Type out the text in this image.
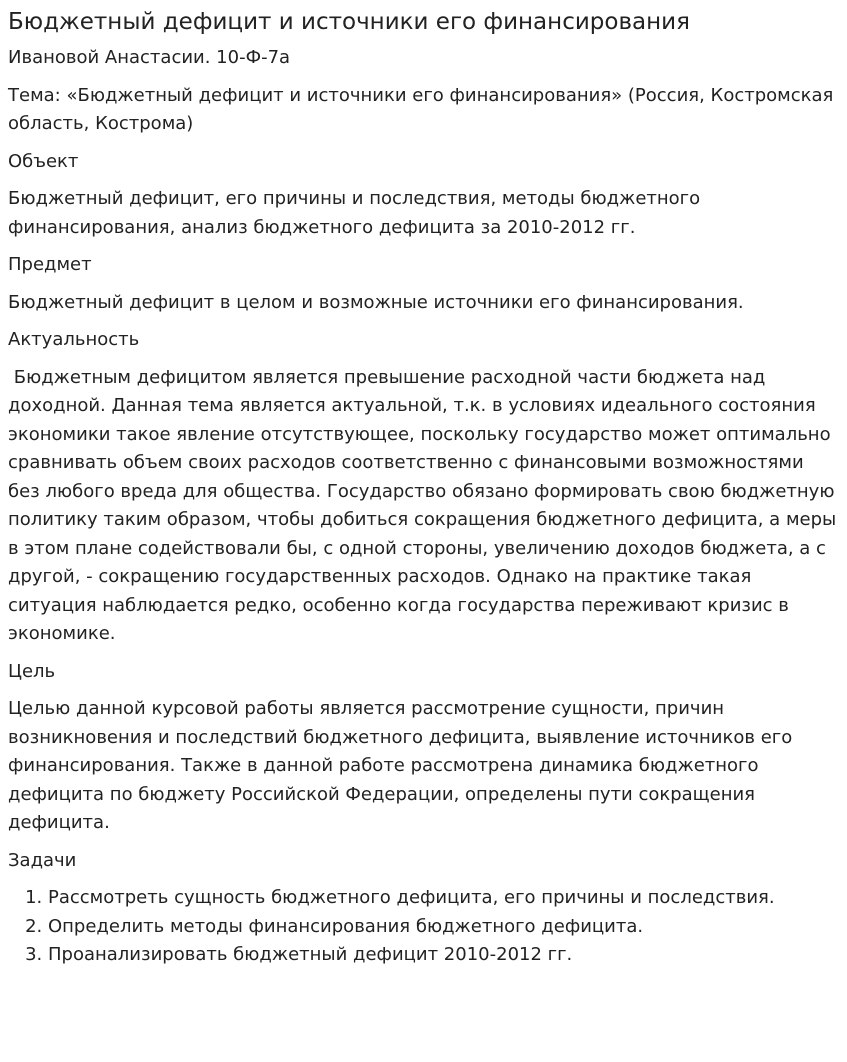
Бюджетный дефицит и источники его финансирования
Ивановой Анастасии. 10-Ф-7а
Тема: «Бюджетный дефицит и источники его финансирования» (Россия, Костромская область, Кострома)
Объект
Бюджетный дефицит, его причины и последствия, методы бюджетного финансирования, анализ бюджетного дефицита за 2010-2012 гг.
Предмет
Бюджетный дефицит в целом и возможные источники его финансирования.
Актуальность
Бюджетным дефицитом является превышение расходной части бюджета над доходной. Данная тема является актуальной, т.к. в условиях идеального состояния экономики такое явление отсутствующее, поскольку государство может оптимально сравнивать объем своих расходов соответственно с финансовыми возможностями без любого вреда для общества. Государство обязано формировать свою бюджетную политику таким образом, чтобы добиться сокращения бюджетного дефицита, а меры в этом плане содействовали бы, с одной стороны, увеличению доходов бюджета, а с другой, - сокращению государственных расходов. Однако на практике такая ситуация наблюдается редко, особенно когда государства переживают кризис в экономике.
Цель
Целью данной курсовой работы является рассмотрение сущности, причин возникновения и последствий бюджетного дефицита, выявление источников его финансирования. Также в данной работе рассмотрена динамика бюджетного дефицита по бюджету Российской Федерации, определены пути сокращения дефицита.
Задачи
1. Рассмотреть сущность бюджетного дефицита, его причины и последствия.
2. Определить методы финансирования бюджетного дефицита.
3. Проанализировать бюджетный дефицит 2010-2012 гг.
